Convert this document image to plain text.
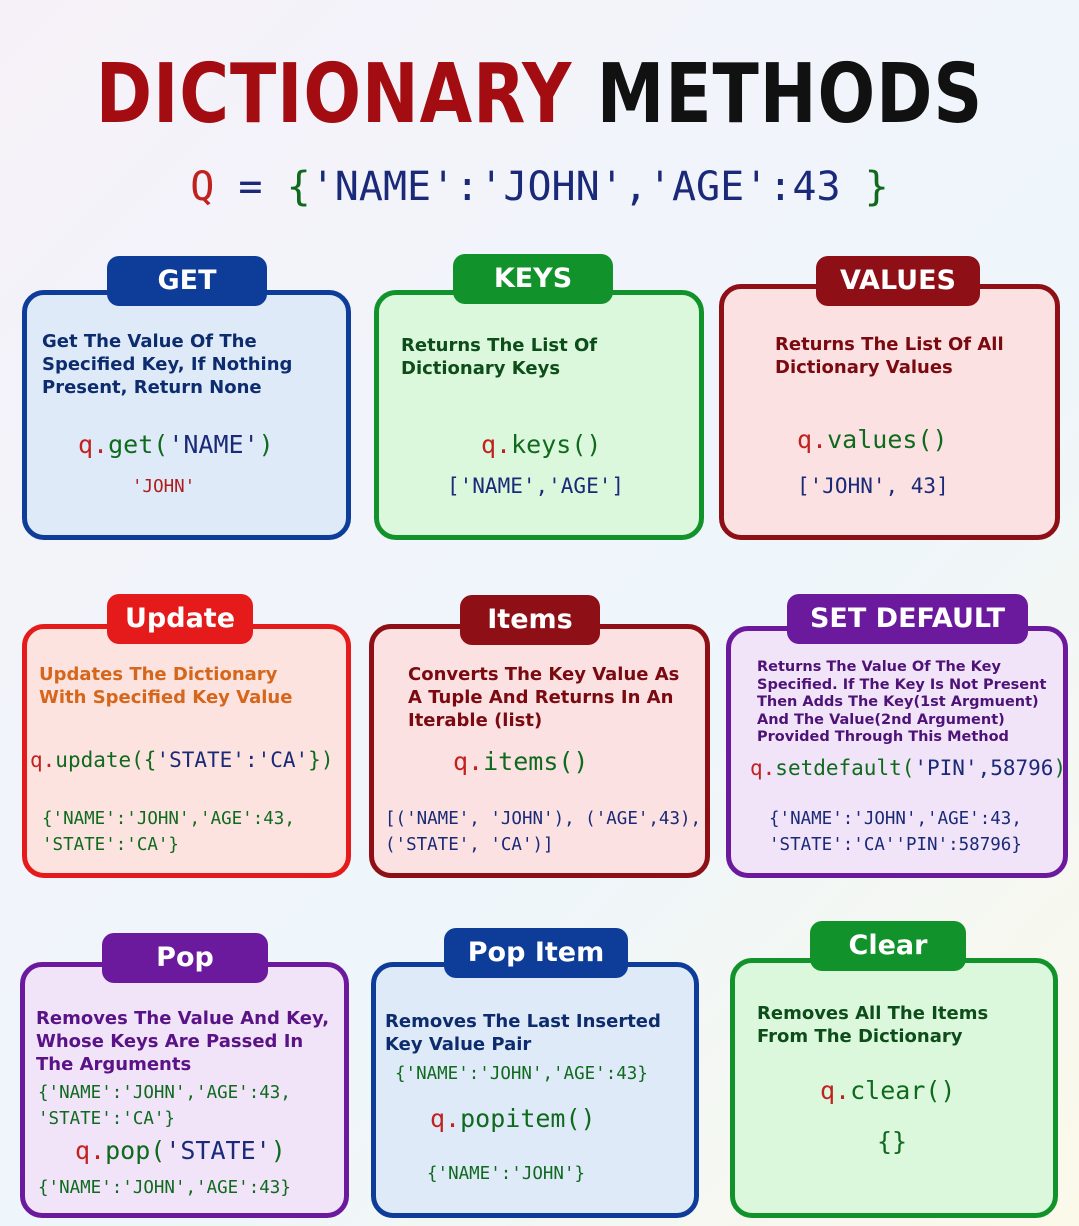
DICTIONARY METHODS
Q = {'NAME':'JOHN','AGE':43 }
GET
Get The Value Of The Specified Key, If Nothing Present, Return None
q.get('NAME')
'JOHN'
KEYS
Returns The List Of Dictionary Keys
q.keys()
['NAME','AGE']
VALUES
Returns The List Of All Dictionary Values
q.values()
['JOHN', 43]
Update
Updates The Dictionary With Specified Key Value
q.update({'STATE':'CA'})
{'NAME':'JOHN','AGE':43,
'STATE':'CA'}
Items
Converts The Key Value As A Tuple And Returns In An Iterable (list)
q.items()
[('NAME', 'JOHN'), ('AGE',43),
('STATE', 'CA')]
SET DEFAULT
Returns The Value Of The Key Specified. If The Key Is Not Present Then Adds The Key(1st Argmuent) And The Value(2nd Argument) Provided Through This Method
q.setdefault('PIN',58796)
{'NAME':'JOHN','AGE':43,
'STATE':'CA''PIN':58796}
Pop
Removes The Value And Key, Whose Keys Are Passed In The Arguments
{'NAME':'JOHN','AGE':43,
'STATE':'CA'}
q.pop('STATE')
{'NAME':'JOHN','AGE':43}
Pop Item
Removes The Last Inserted Key Value Pair
{'NAME':'JOHN','AGE':43}
q.popitem()
{'NAME':'JOHN'}
Clear
Removes All The Items From The Dictionary
q.clear()
{}
